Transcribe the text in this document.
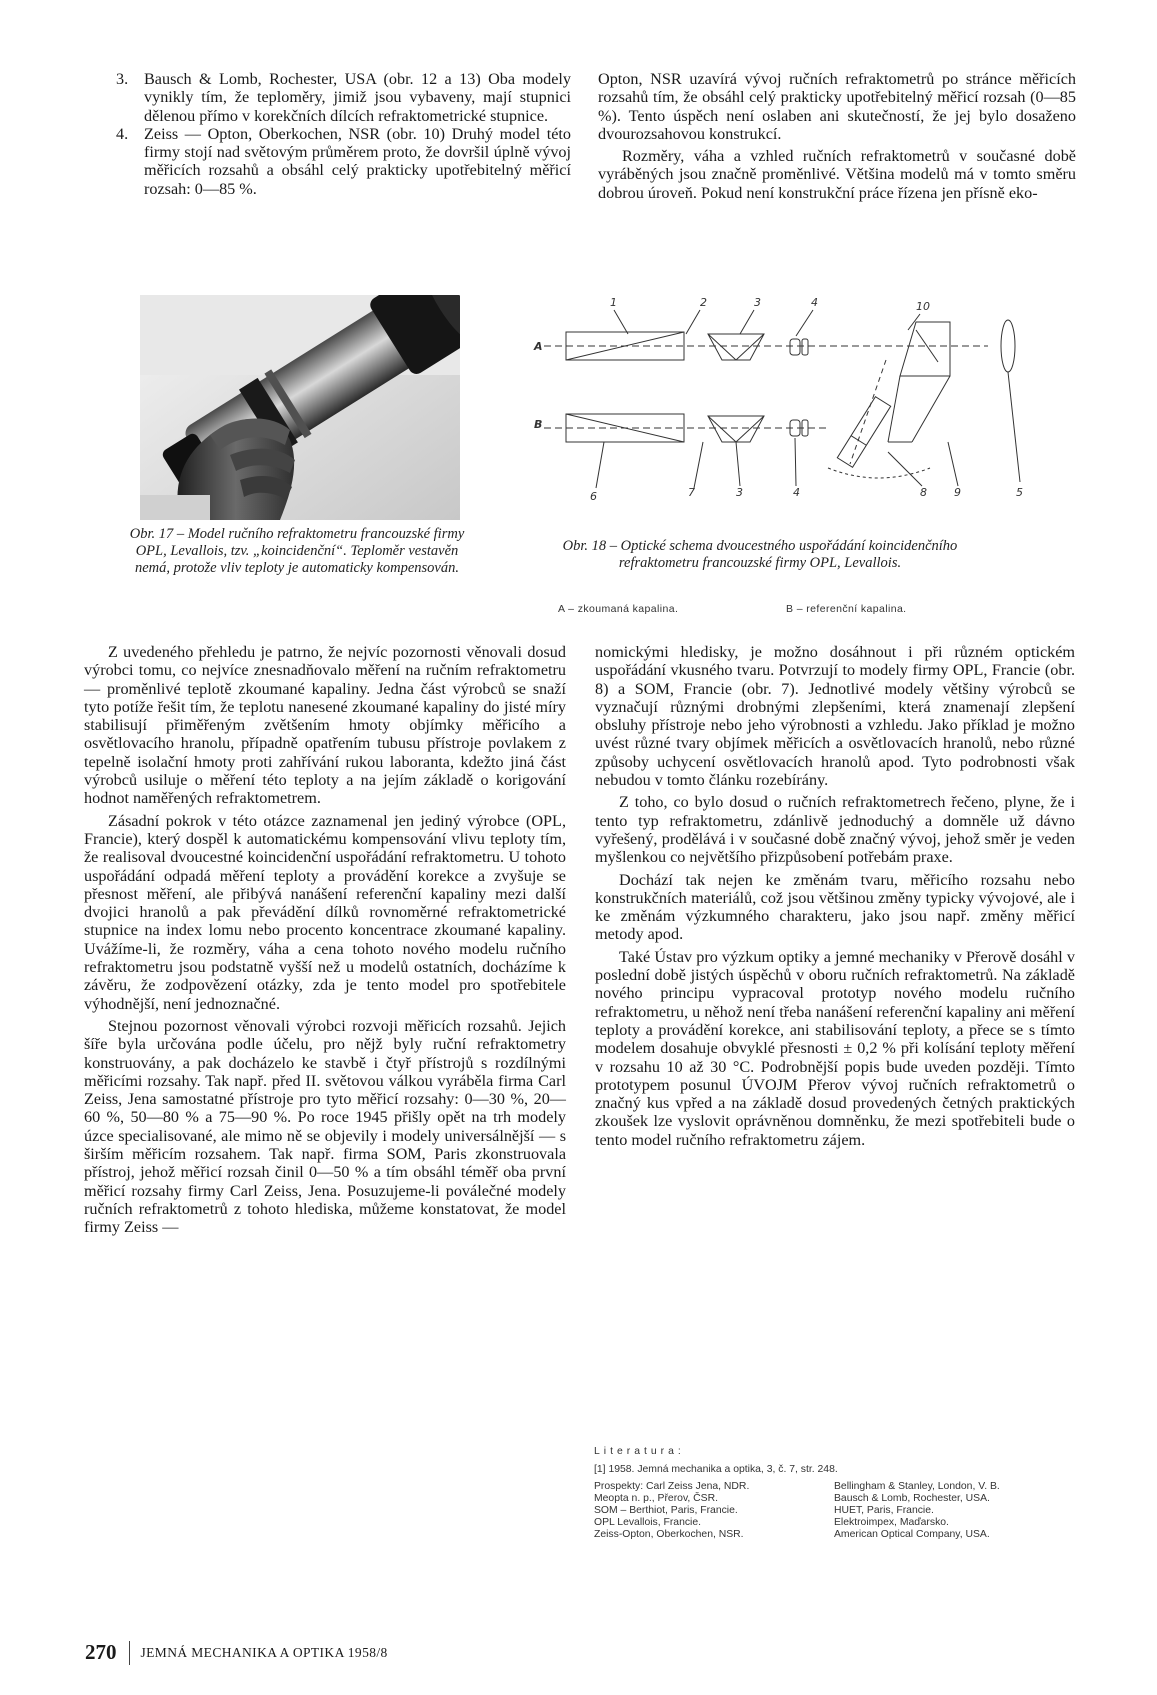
3. Bausch & Lomb, Rochester, USA (obr. 12 a 13) Oba modely vynikly tím, že teploměry, jimiž jsou vybaveny, mají stupnici dělenou přímo v korekčních dílcích refraktometrické stupnice.
4. Zeiss — Opton, Oberkochen, NSR (obr. 10) Druhý model této firmy stojí nad světovým průměrem proto, že dovršil úplně vývoj měřicích rozsahů a obsáhl celý prakticky upotřebitelný měřicí rozsah: 0—85 %.

Opton, NSR uzavírá vývoj ručních refraktometrů po stránce měřicích rozsahů tím, že obsáhl celý prakticky upotřebitelný měřicí rozsah (0—85 %). Tento úspěch není oslaben ani skutečností, že jej bylo dosaženo dvourozsahovou konstrukcí.

Rozměry, váha a vzhled ručních refraktometrů v současné době vyráběných jsou značně proměnlivé. Většina modelů má v tomto směru dobrou úroveň. Pokud není konstrukční práce řízena jen přísně eko-

Obr. 17 – Model ručního refraktometru francouzské firmy OPL, Levallois, tzv. „koincidenční“. Teploměr vestavěn nemá, protože vliv teploty je automaticky kompensován.
1	2	3	4	10
A
B
6	7	3	4	8 9	5
Obr. 18 – Optické schema dvoucestného uspořádání koincidenčního refraktometru francouzské firmy OPL, Levallois.
A – zkoumaná kapalina.	B – referenční kapalina.

Z uvedeného přehledu je patrno, že nejvíc pozornosti věnovali dosud výrobci tomu, co nejvíce znesnadňovalo měření na ručním refraktometru — proměnlivé teplotě zkoumané kapaliny. Jedna část výrobců se snaží tyto potíže řešit tím, že teplotu nanesené zkoumané kapaliny do jisté míry stabilisují přiměřeným zvětšením hmoty objímky měřicího a osvětlovacího hranolu, případně opatřením tubusu přístroje povlakem z tepelně isolační hmoty proti zahřívání rukou laboranta, kdežto jiná část výrobců usiluje o měření této teploty a na jejím základě o korigování hodnot naměřených refraktometrem.

Zásadní pokrok v této otázce zaznamenal jen jediný výrobce (OPL, Francie), který dospěl k automatickému kompensování vlivu teploty tím, že realisoval dvoucestné koincidenční uspořádání refraktometru. U tohoto uspořádání odpadá měření teploty a provádění korekce a zvyšuje se přesnost měření, ale přibývá nanášení referenční kapaliny mezi další dvojici hranolů a pak převádění dílků rovnoměrné refraktometrické stupnice na index lomu nebo procento koncentrace zkoumané kapaliny. Uvážíme-li, že rozměry, váha a cena tohoto nového modelu ručního refraktometru jsou podstatně vyšší než u modelů ostatních, docházíme k závěru, že zodpovězení otázky, zda je tento model pro spotřebitele výhodnější, není jednoznačné.

Stejnou pozornost věnovali výrobci rozvoji měřicích rozsahů. Jejich šíře byla určována podle účelu, pro nějž byly ruční refraktometry konstruovány, a pak docházelo ke stavbě i čtyř přístrojů s rozdílnými měřicími rozsahy. Tak např. před II. světovou válkou vyráběla firma Carl Zeiss, Jena samostatné přístroje pro tyto měřicí rozsahy: 0—30 %, 20—60 %, 50—80 % a 75—90 %. Po roce 1945 přišly opět na trh modely úzce specialisované, ale mimo ně se objevily i modely universálnější — s širším měřicím rozsahem. Tak např. firma SOM, Paris zkonstruovala přístroj, jehož měřicí rozsah činil 0—50 % a tím obsáhl téměř oba první měřicí rozsahy firmy Carl Zeiss, Jena. Posuzujeme-li poválečné modely ručních refraktometrů z tohoto hlediska, můžeme konstatovat, že model firmy Zeiss —

nomickými hledisky, je možno dosáhnout i při různém optickém uspořádání vkusného tvaru. Potvrzují to modely firmy OPL, Francie (obr. 8) a SOM, Francie (obr. 7). Jednotlivé modely většiny výrobců se vyznačují různými drobnými zlepšeními, která znamenají zlepšení obsluhy přístroje nebo jeho výrobnosti a vzhledu. Jako příklad je možno uvést různé tvary objímek měřicích a osvětlovacích hranolů, nebo různé způsoby uchycení osvětlovacích hranolů apod. Tyto podrobnosti však nebudou v tomto článku rozebírány.

Z toho, co bylo dosud o ručních refraktometrech řečeno, plyne, že i tento typ refraktometru, zdánlivě jednoduchý a domněle už dávno vyřešený, prodělává i v současné době značný vývoj, jehož směr je veden myšlenkou co největšího přizpůsobení potřebám praxe.

Dochází tak nejen ke změnám tvaru, měřicího rozsahu nebo konstrukčních materiálů, což jsou většinou změny typicky vývojové, ale i ke změnám výzkumného charakteru, jako jsou např. změny měřicí metody apod.

Také Ústav pro výzkum optiky a jemné mechaniky v Přerově dosáhl v poslední době jistých úspěchů v oboru ručních refraktometrů. Na základě nového principu vypracoval prototyp nového modelu ručního refraktometru, u něhož není třeba nanášení referenční kapaliny ani měření teploty a provádění korekce, ani stabilisování teploty, a přece se s tímto modelem dosahuje obvyklé přesnosti ± 0,2 % při kolísání teploty měření v rozsahu 10 až 30 °C. Podrobnější popis bude uveden později. Tímto prototypem posunul ÚVOJM Přerov vývoj ručních refraktometrů o značný kus vpřed a na základě dosud provedených četných praktických zkoušek lze vyslovit oprávněnou domněnku, že mezi spotřebiteli bude o tento model ručního refraktometru zájem.

Literatura:
[1] 1958. Jemná mechanika a optika, 3, č. 7, str. 248.
Prospekty: Carl Zeiss Jena, NDR.	Bellingham & Stanley, London, V. B.
Meopta n. p., Přerov, ČSR.	Bausch & Lomb, Rochester, USA.
SOM – Berthiot, Paris, Francie.	HUET, Paris, Francie.
OPL Levallois, Francie.	Elektroimpex, Maďarsko.
Zeiss-Opton, Oberkochen, NSR.	American Optical Company, USA.
270 JEMNÁ MECHANIKA A OPTIKA 1958/8
